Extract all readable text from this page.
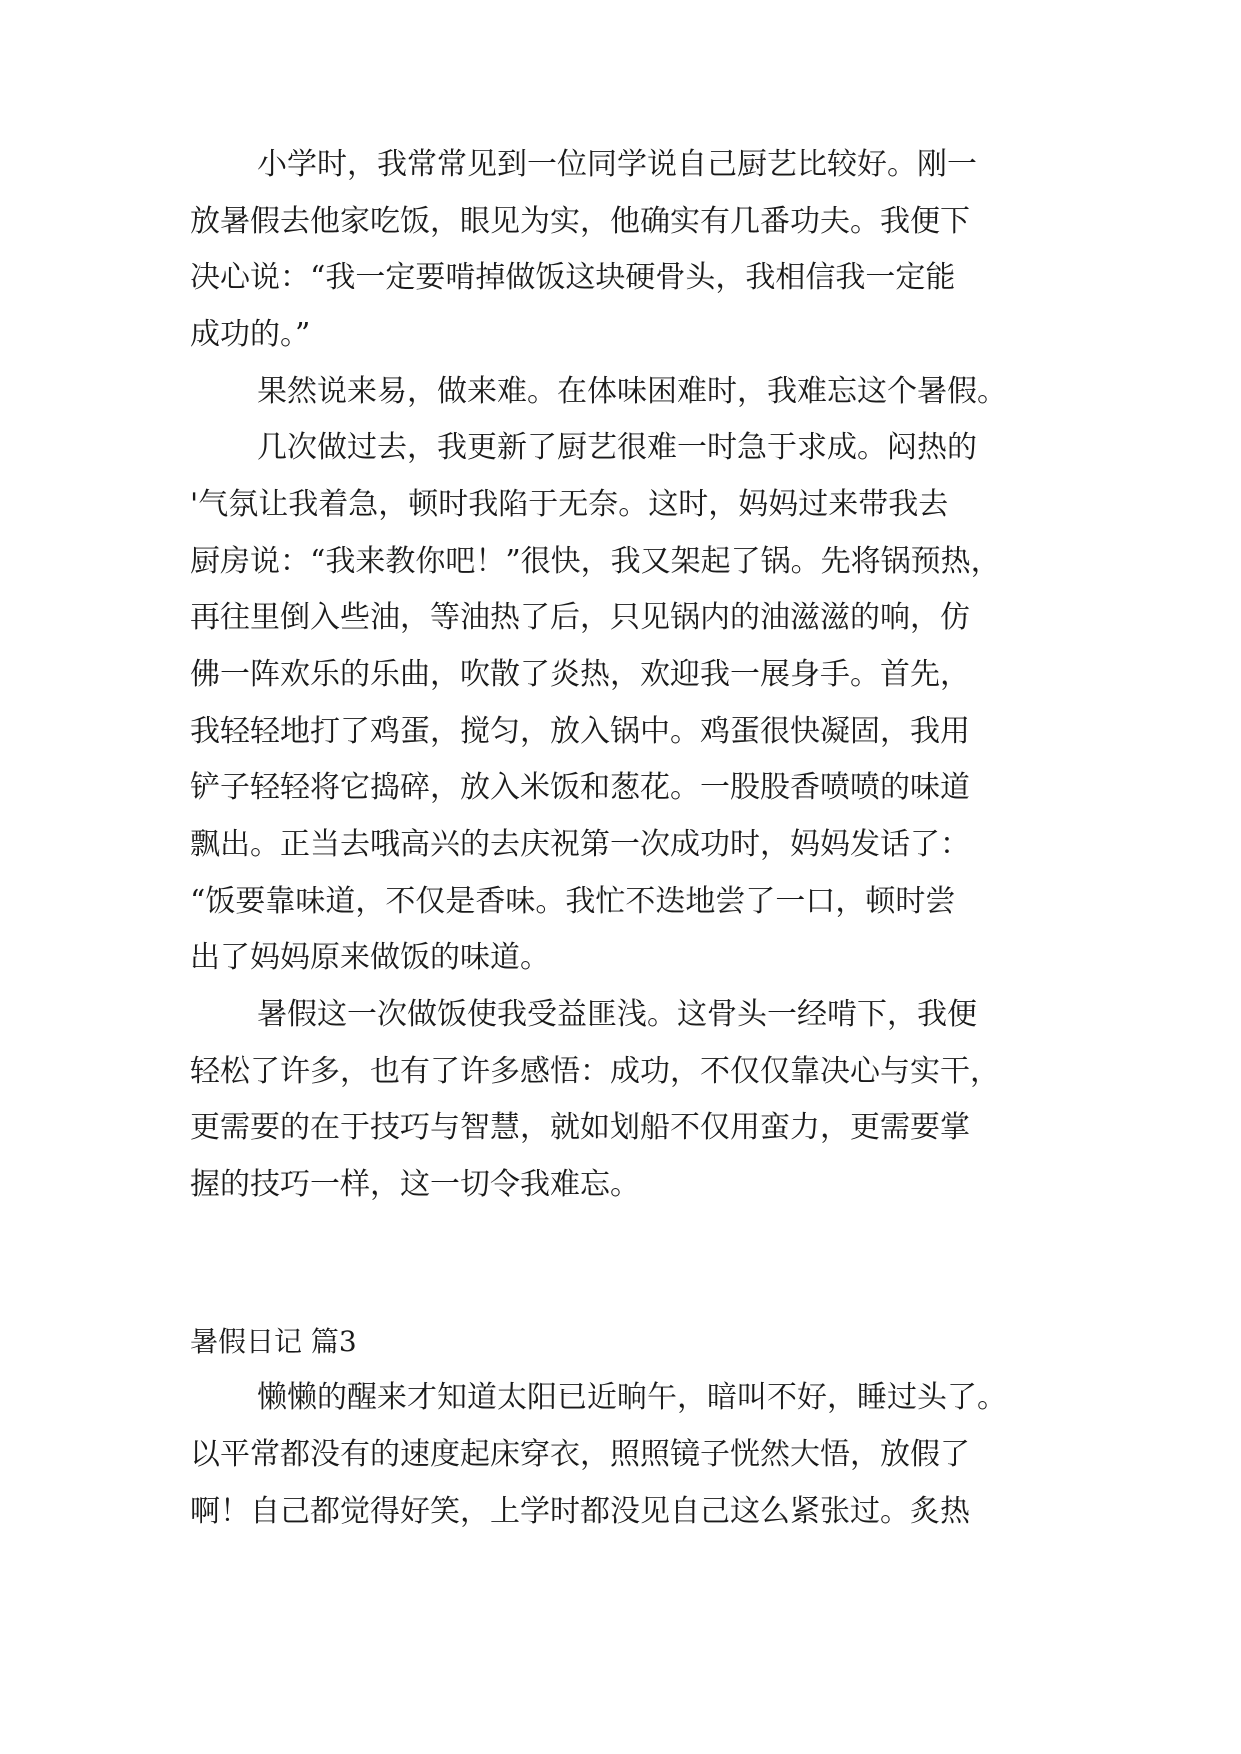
小学时，我常常见到一位同学说自己厨艺比较好。刚一

放暑假去他家吃饭，眼见为实，他确实有几番功夫。我便下

决心说：“我一定要啃掉做饭这块硬骨头，我相信我一定能

成功的。”

果然说来易，做来难。在体味困难时，我难忘这个暑假。

几次做过去，我更新了厨艺很难一时急于求成。闷热的

'气氛让我着急，顿时我陷于无奈。这时，妈妈过来带我去

厨房说：“我来教你吧！”很快，我又架起了锅。先将锅预热，

再往里倒入些油，等油热了后，只见锅内的油滋滋的响，仿

佛一阵欢乐的乐曲，吹散了炎热，欢迎我一展身手。首先，

我轻轻地打了鸡蛋，搅匀，放入锅中。鸡蛋很快凝固，我用

铲子轻轻将它捣碎，放入米饭和葱花。一股股香喷喷的味道

飘出。正当去哦高兴的去庆祝第一次成功时，妈妈发话了：

“饭要靠味道，不仅是香味。我忙不迭地尝了一口，顿时尝

出了妈妈原来做饭的味道。

暑假这一次做饭使我受益匪浅。这骨头一经啃下，我便

轻松了许多，也有了许多感悟：成功，不仅仅靠决心与实干，

更需要的在于技巧与智慧，就如划船不仅用蛮力，更需要掌

握的技巧一样，这一切令我难忘。

暑假日记 篇3

懒懒的醒来才知道太阳已近晌午，暗叫不好，睡过头了。

以平常都没有的速度起床穿衣，照照镜子恍然大悟，放假了

啊！自己都觉得好笑，上学时都没见自己这么紧张过。炙热
